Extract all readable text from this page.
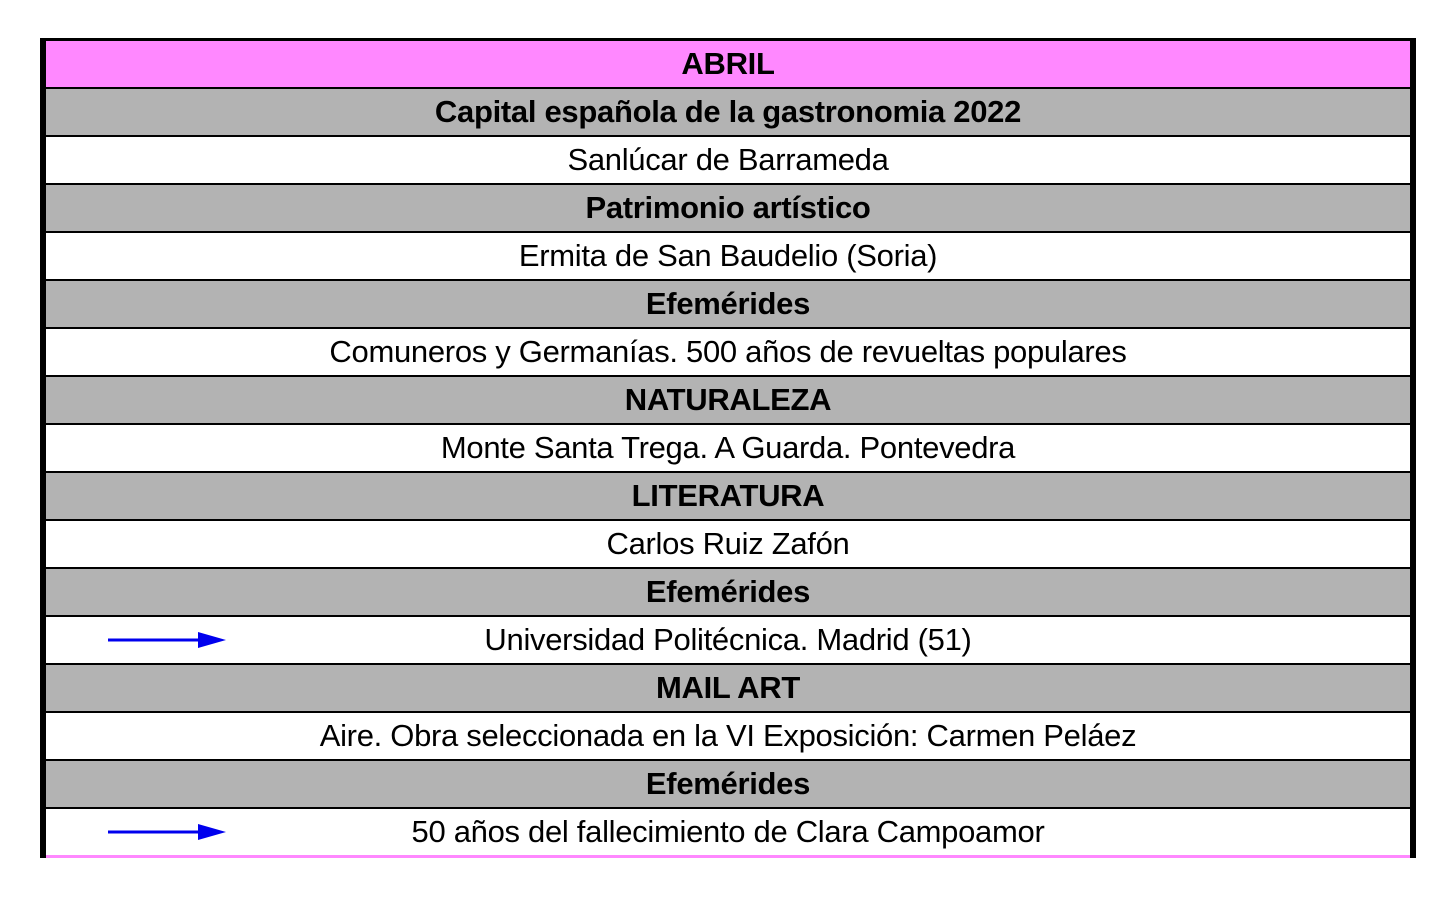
ABRIL
Capital española de la gastronomia 2022
Sanlúcar de Barrameda
Patrimonio artístico
Ermita de San Baudelio (Soria)
Efemérides
Comuneros y Germanías. 500 años de revueltas populares
NATURALEZA
Monte Santa Trega. A Guarda. Pontevedra
LITERATURA
Carlos Ruiz Zafón
Efemérides
Universidad Politécnica. Madrid (51)
MAIL ART
Aire. Obra seleccionada en la VI Exposición: Carmen Peláez
Efemérides
50 años del fallecimiento de Clara Campoamor
